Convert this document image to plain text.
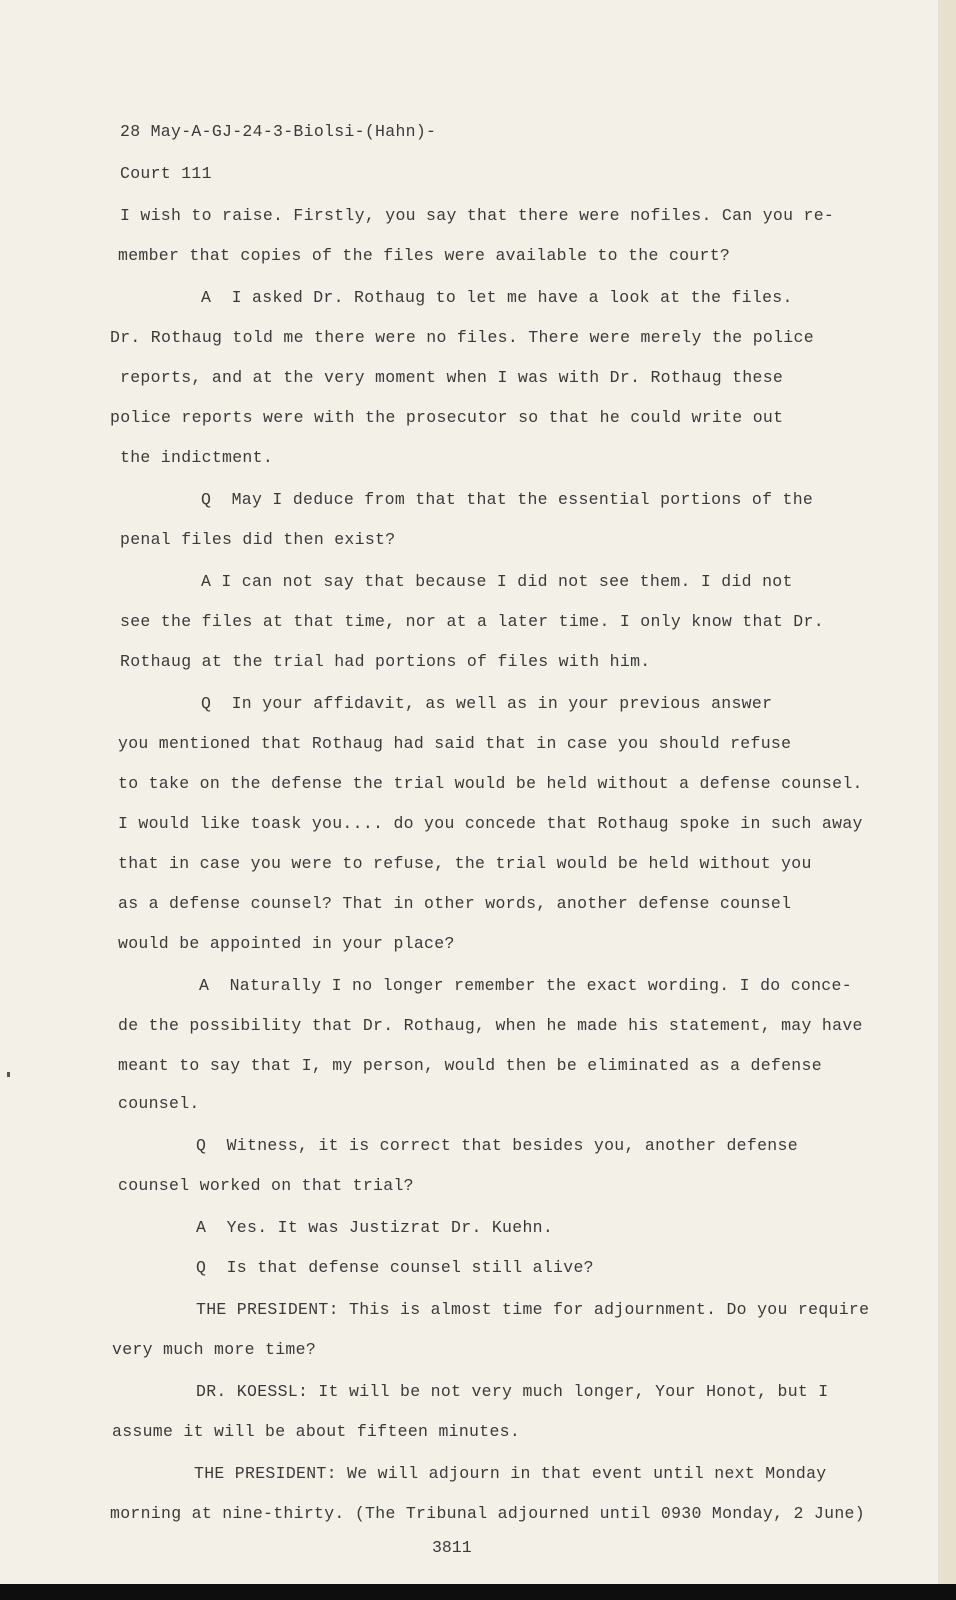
28 May-A-GJ-24-3-Biolsi-(Hahn)-
Court 111
I wish to raise. Firstly, you say that there were nofiles. Can you re-
member that copies of the files were available to the court?
A  I asked Dr. Rothaug to let me have a look at the files.
Dr. Rothaug told me there were no files. There were merely the police
reports, and at the very moment when I was with Dr. Rothaug these
police reports were with the prosecutor so that he could write out
the indictment.
Q  May I deduce from that that the essential portions of the
penal files did then exist?
A I can not say that because I did not see them. I did not
see the files at that time, nor at a later time. I only know that Dr.
Rothaug at the trial had portions of files with him.
Q  In your affidavit, as well as in your previous answer
you mentioned that Rothaug had said that in case you should refuse
to take on the defense the trial would be held without a defense counsel.
I would like toask you.... do you concede that Rothaug spoke in such away
that in case you were to refuse, the trial would be held without you
as a defense counsel? That in other words, another defense counsel
would be appointed in your place?
A  Naturally I no longer remember the exact wording. I do conce-
de the possibility that Dr. Rothaug, when he made his statement, may have
meant to say that I, my person, would then be eliminated as a defense
counsel.
Q  Witness, it is correct that besides you, another defense
counsel worked on that trial?
A  Yes. It was Justizrat Dr. Kuehn.
Q  Is that defense counsel still alive?
THE PRESIDENT: This is almost time for adjournment. Do you require
very much more time?
DR. KOESSL: It will be not very much longer, Your Honot, but I
assume it will be about fifteen minutes.
THE PRESIDENT: We will adjourn in that event until next Monday
morning at nine-thirty. (The Tribunal adjourned until 0930 Monday, 2 June)
3811
